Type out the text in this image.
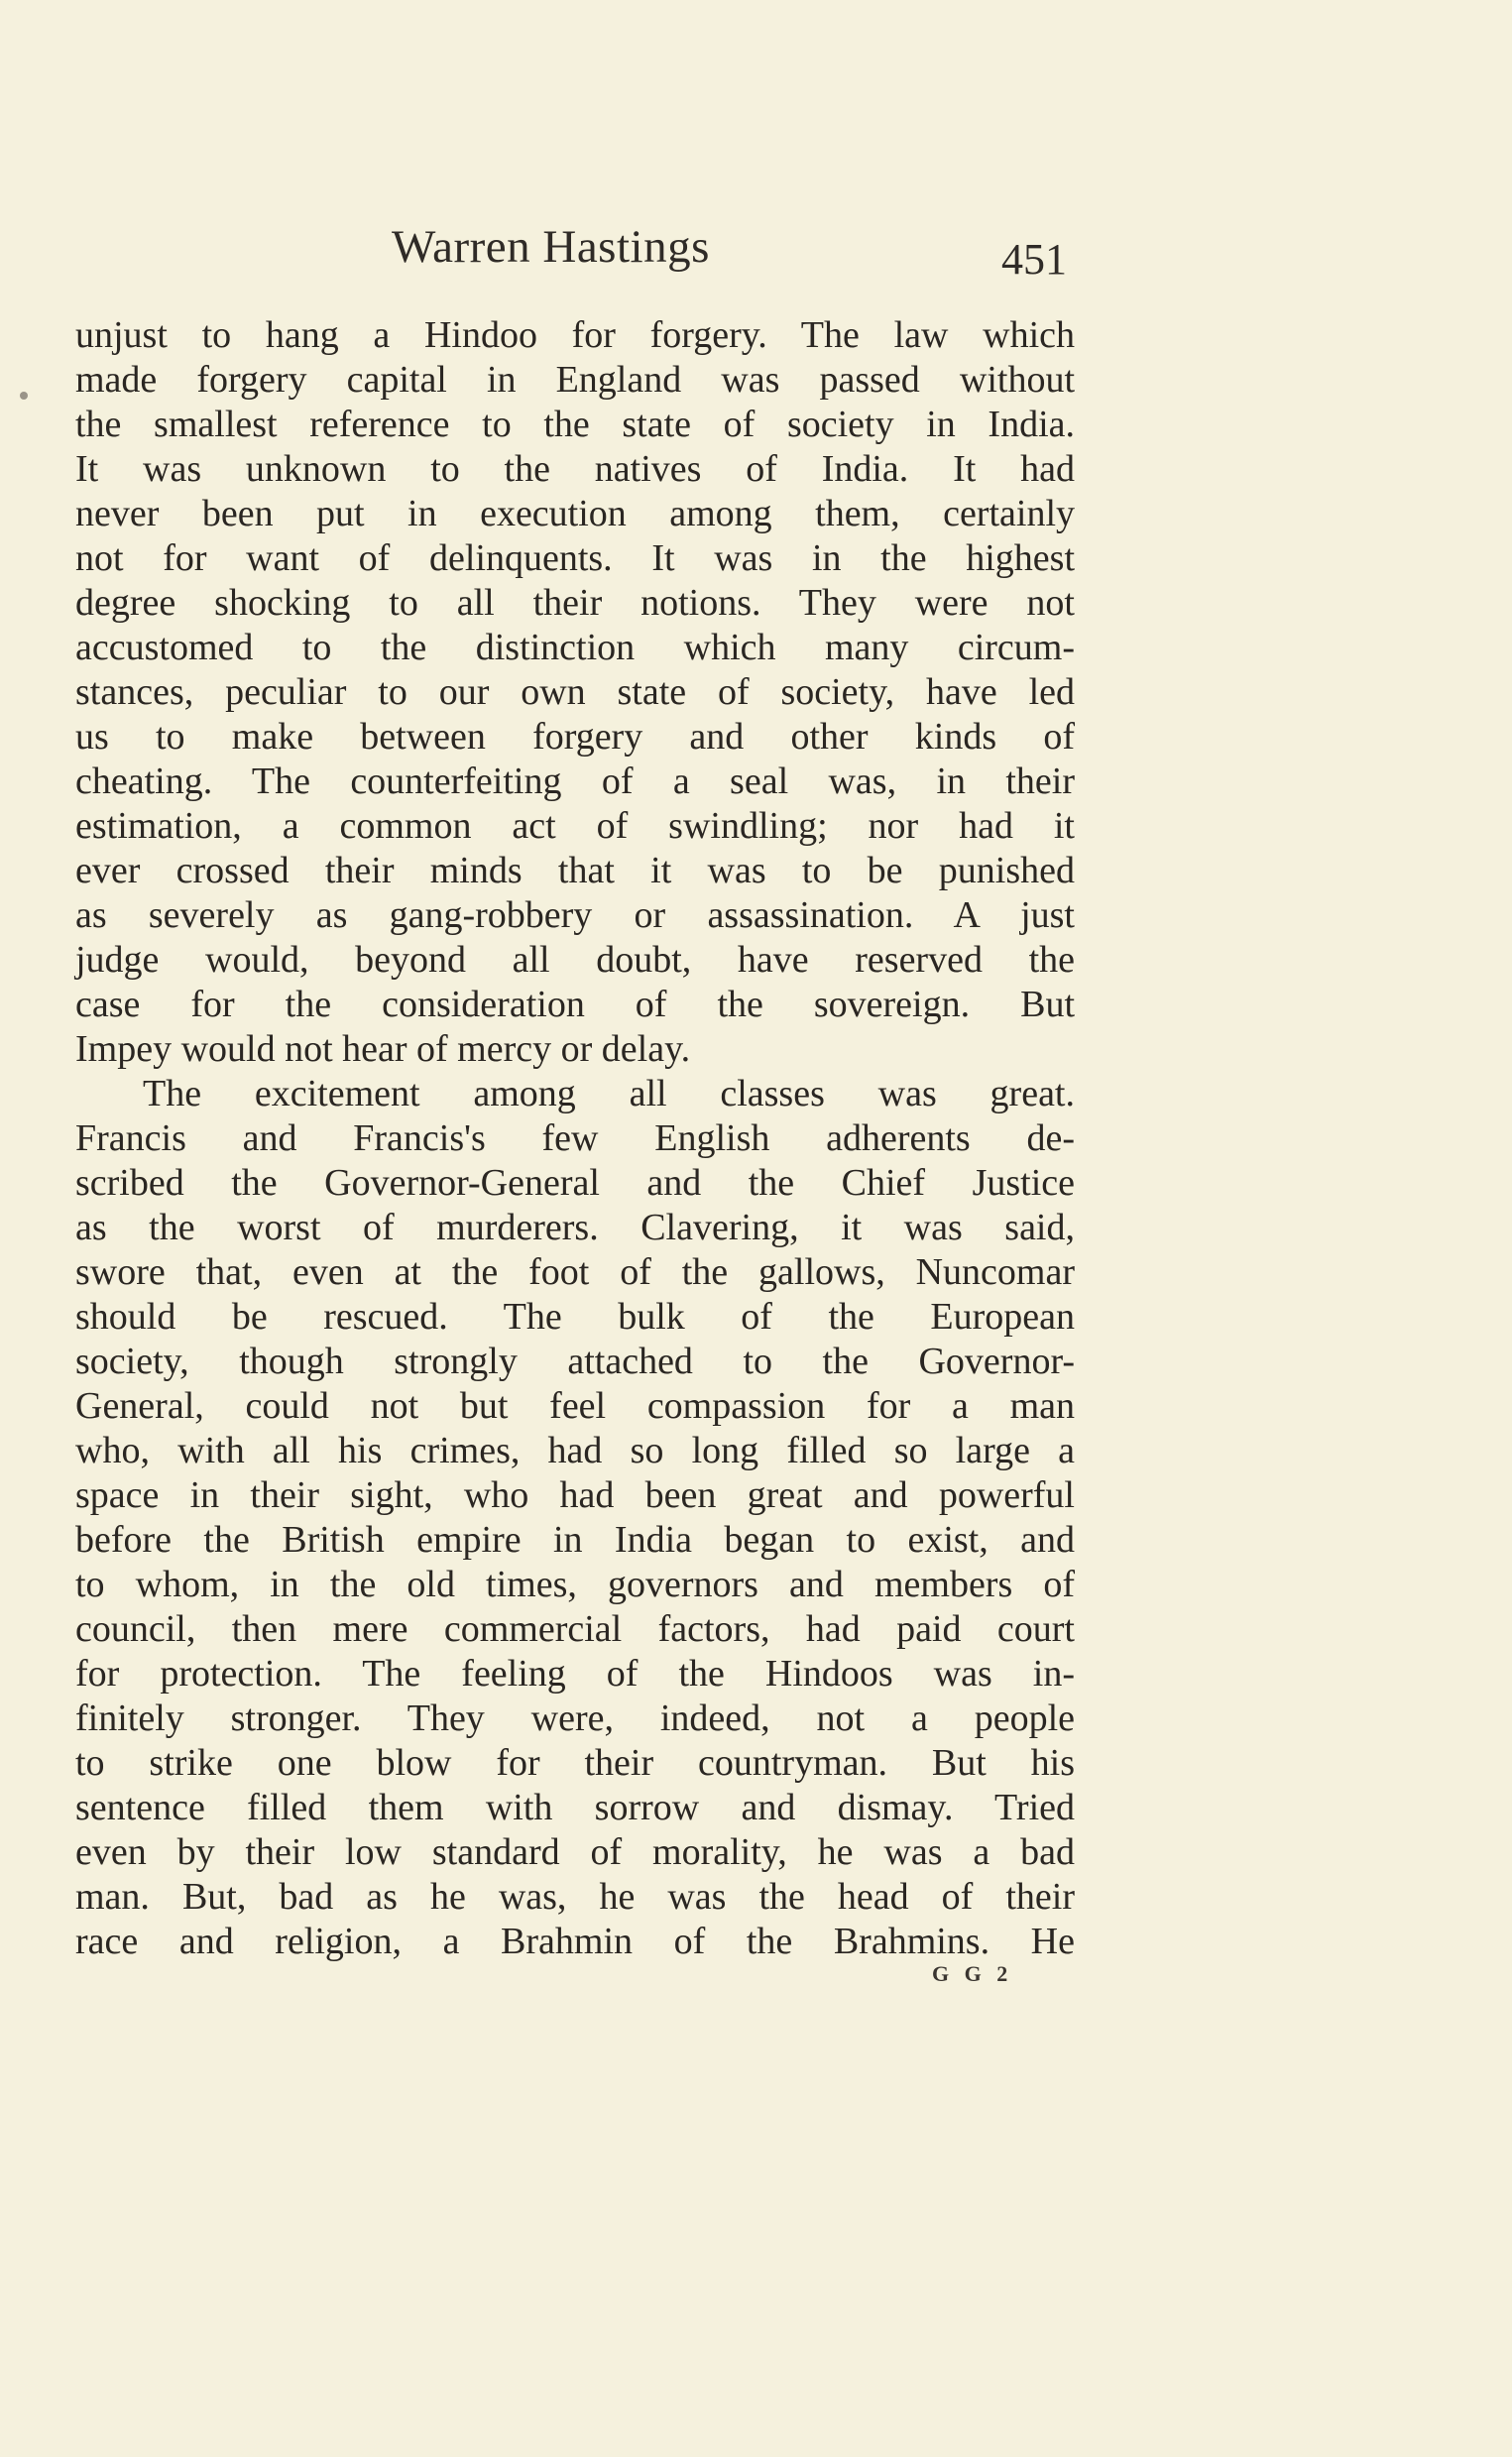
Warren Hastings	451
unjust to hang a Hindoo for forgery. The law which
made forgery capital in England was passed without
the smallest reference to the state of society in India.
It was unknown to the natives of India. It had
never been put in execution among them, certainly
not for want of delinquents. It was in the highest
degree shocking to all their notions. They were not
accustomed to the distinction which many circum-
stances, peculiar to our own state of society, have led
us to make between forgery and other kinds of
cheating. The counterfeiting of a seal was, in their
estimation, a common act of swindling; nor had it
ever crossed their minds that it was to be punished
as severely as gang-robbery or assassination. A just
judge would, beyond all doubt, have reserved the
case for the consideration of the sovereign. But
Impey would not hear of mercy or delay.
The excitement among all classes was great.
Francis and Francis's few English adherents de-
scribed the Governor-General and the Chief Justice
as the worst of murderers. Clavering, it was said,
swore that, even at the foot of the gallows, Nuncomar
should be rescued. The bulk of the European
society, though strongly attached to the Governor-
General, could not but feel compassion for a man
who, with all his crimes, had so long filled so large a
space in their sight, who had been great and powerful
before the British empire in India began to exist, and
to whom, in the old times, governors and members of
council, then mere commercial factors, had paid court
for protection. The feeling of the Hindoos was in-
finitely stronger. They were, indeed, not a people
to strike one blow for their countryman. But his
sentence filled them with sorrow and dismay. Tried
even by their low standard of morality, he was a bad
man. But, bad as he was, he was the head of their
race and religion, a Brahmin of the Brahmins. He
G G 2
